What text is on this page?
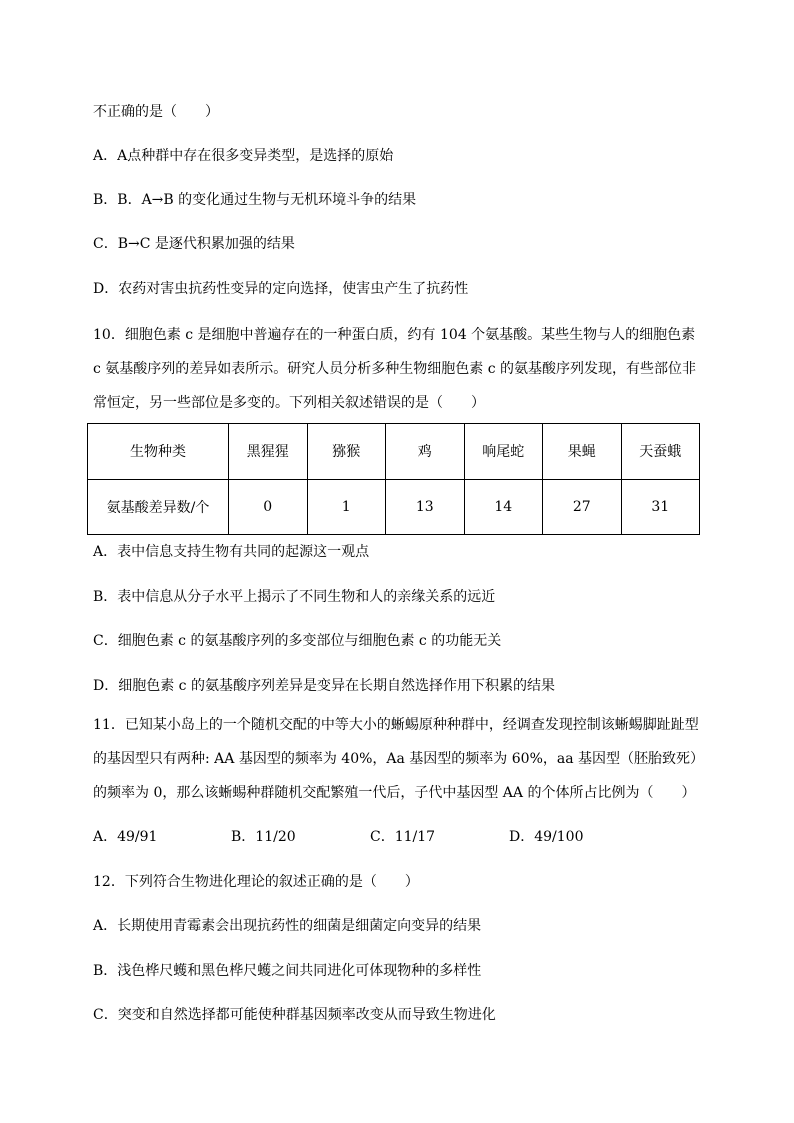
不正确的是（　　）
A．A点种群中存在很多变异类型，是选择的原始
B．B．A→B 的变化通过生物与无机环境斗争的结果
C．B→C 是逐代积累加强的结果
D．农药对害虫抗药性变异的定向选择，使害虫产生了抗药性
10．细胞色素 c 是细胞中普遍存在的一种蛋白质，约有 104 个氨基酸。某些生物与人的细胞色素 c 氨基酸序列的差异如表所示。研究人员分析多种生物细胞色素 c 的氨基酸序列发现，有些部位非常恒定，另一些部位是多变的。下列相关叙述错误的是（　　）
生物种类	黑猩猩	猕猴	鸡	响尾蛇	果蝇	天蚕蛾
氨基酸差异数/个	0	1	13	14	27	31
A．表中信息支持生物有共同的起源这一观点
B．表中信息从分子水平上揭示了不同生物和人的亲缘关系的远近
C．细胞色素 c 的氨基酸序列的多变部位与细胞色素 c 的功能无关
D．细胞色素 c 的氨基酸序列差异是变异在长期自然选择作用下积累的结果
11．已知某小岛上的一个随机交配的中等大小的蜥蜴原种种群中，经调查发现控制该蜥蜴脚趾趾型的基因型只有两种: AA 基因型的频率为 40%，Aa 基因型的频率为 60%，aa 基因型（胚胎致死）的频率为 0，那么该蜥蜴种群随机交配繁殖一代后，子代中基因型 AA 的个体所占比例为（　　）
A．49/91	B．11/20	C．11/17	D．49/100
12．下列符合生物进化理论的叙述正确的是（　　）
A．长期使用青霉素会出现抗药性的细菌是细菌定向变异的结果
B．浅色桦尺蠖和黑色桦尺蠖之间共同进化可体现物种的多样性
C．突变和自然选择都可能使种群基因频率改变从而导致生物进化
